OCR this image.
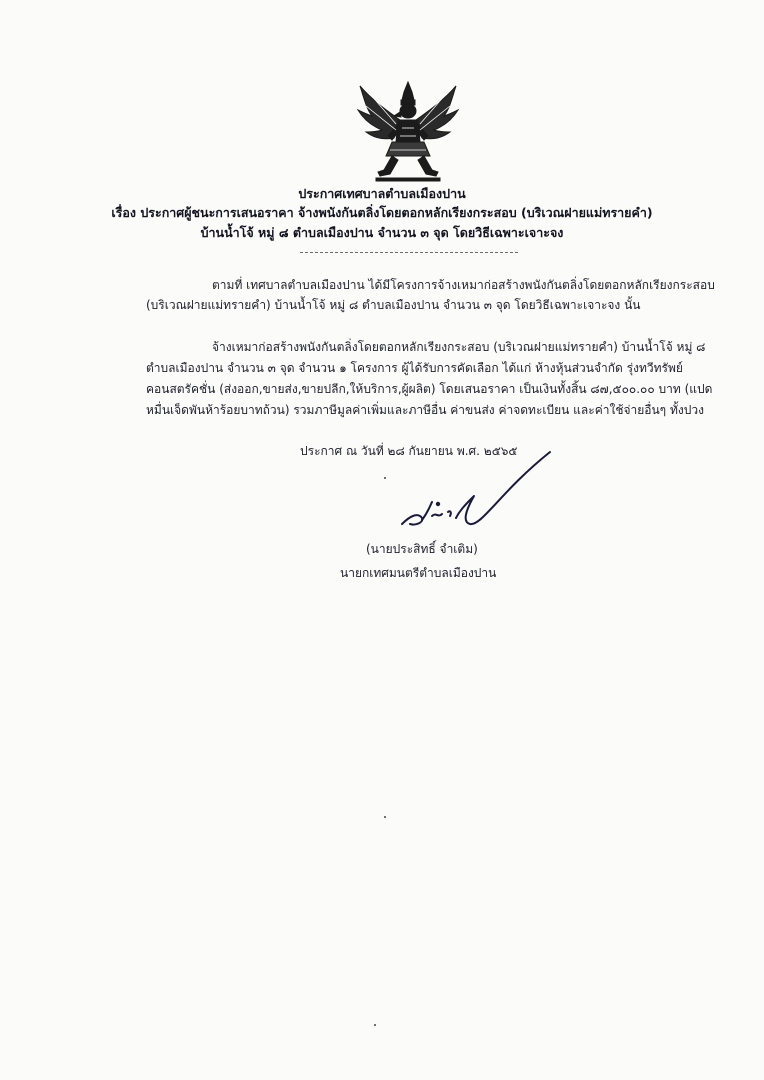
ประกาศเทศบาลตำบลเมืองปาน
เรื่อง ประกาศผู้ชนะการเสนอราคา จ้างพนังกันตลิ่งโดยตอกหลักเรียงกระสอบ (บริเวณฝายแม่ทรายคำ)
บ้านน้ำโจ้ หมู่ ๘ ตำบลเมืองปาน จำนวน ๓ จุด โดยวิธีเฉพาะเจาะจง
ตามที่ เทศบาลตำบลเมืองปาน ได้มีโครงการจ้างเหมาก่อสร้างพนังกันตลิ่งโดยตอกหลักเรียงกระสอบ
(บริเวณฝายแม่ทรายคำ) บ้านน้ำโจ้ หมู่ ๘ ตำบลเมืองปาน จำนวน ๓ จุด โดยวิธีเฉพาะเจาะจง นั้น
จ้างเหมาก่อสร้างพนังกันตลิ่งโดยตอกหลักเรียงกระสอบ (บริเวณฝายแม่ทรายคำ) บ้านน้ำโจ้ หมู่ ๘
ตำบลเมืองปาน จำนวน ๓ จุด จำนวน ๑ โครงการ ผู้ได้รับการคัดเลือก ได้แก่ ห้างหุ้นส่วนจำกัด รุ่งทวีทรัพย์
คอนสตรัคชั่น (ส่งออก,ขายส่ง,ขายปลีก,ให้บริการ,ผู้ผลิต) โดยเสนอราคา เป็นเงินทั้งสิ้น ๘๗,๕๐๐.๐๐ บาท (แปด
หมื่นเจ็ดพันห้าร้อยบาทถ้วน) รวมภาษีมูลค่าเพิ่มและภาษีอื่น ค่าขนส่ง ค่าจดทะเบียน และค่าใช้จ่ายอื่นๆ ทั้งปวง
ประกาศ ณ วันที่ ๒๘ กันยายน พ.ศ. ๒๕๖๕
(นายประสิทธิ์ จำเติม)
นายกเทศมนตรีตำบลเมืองปาน
